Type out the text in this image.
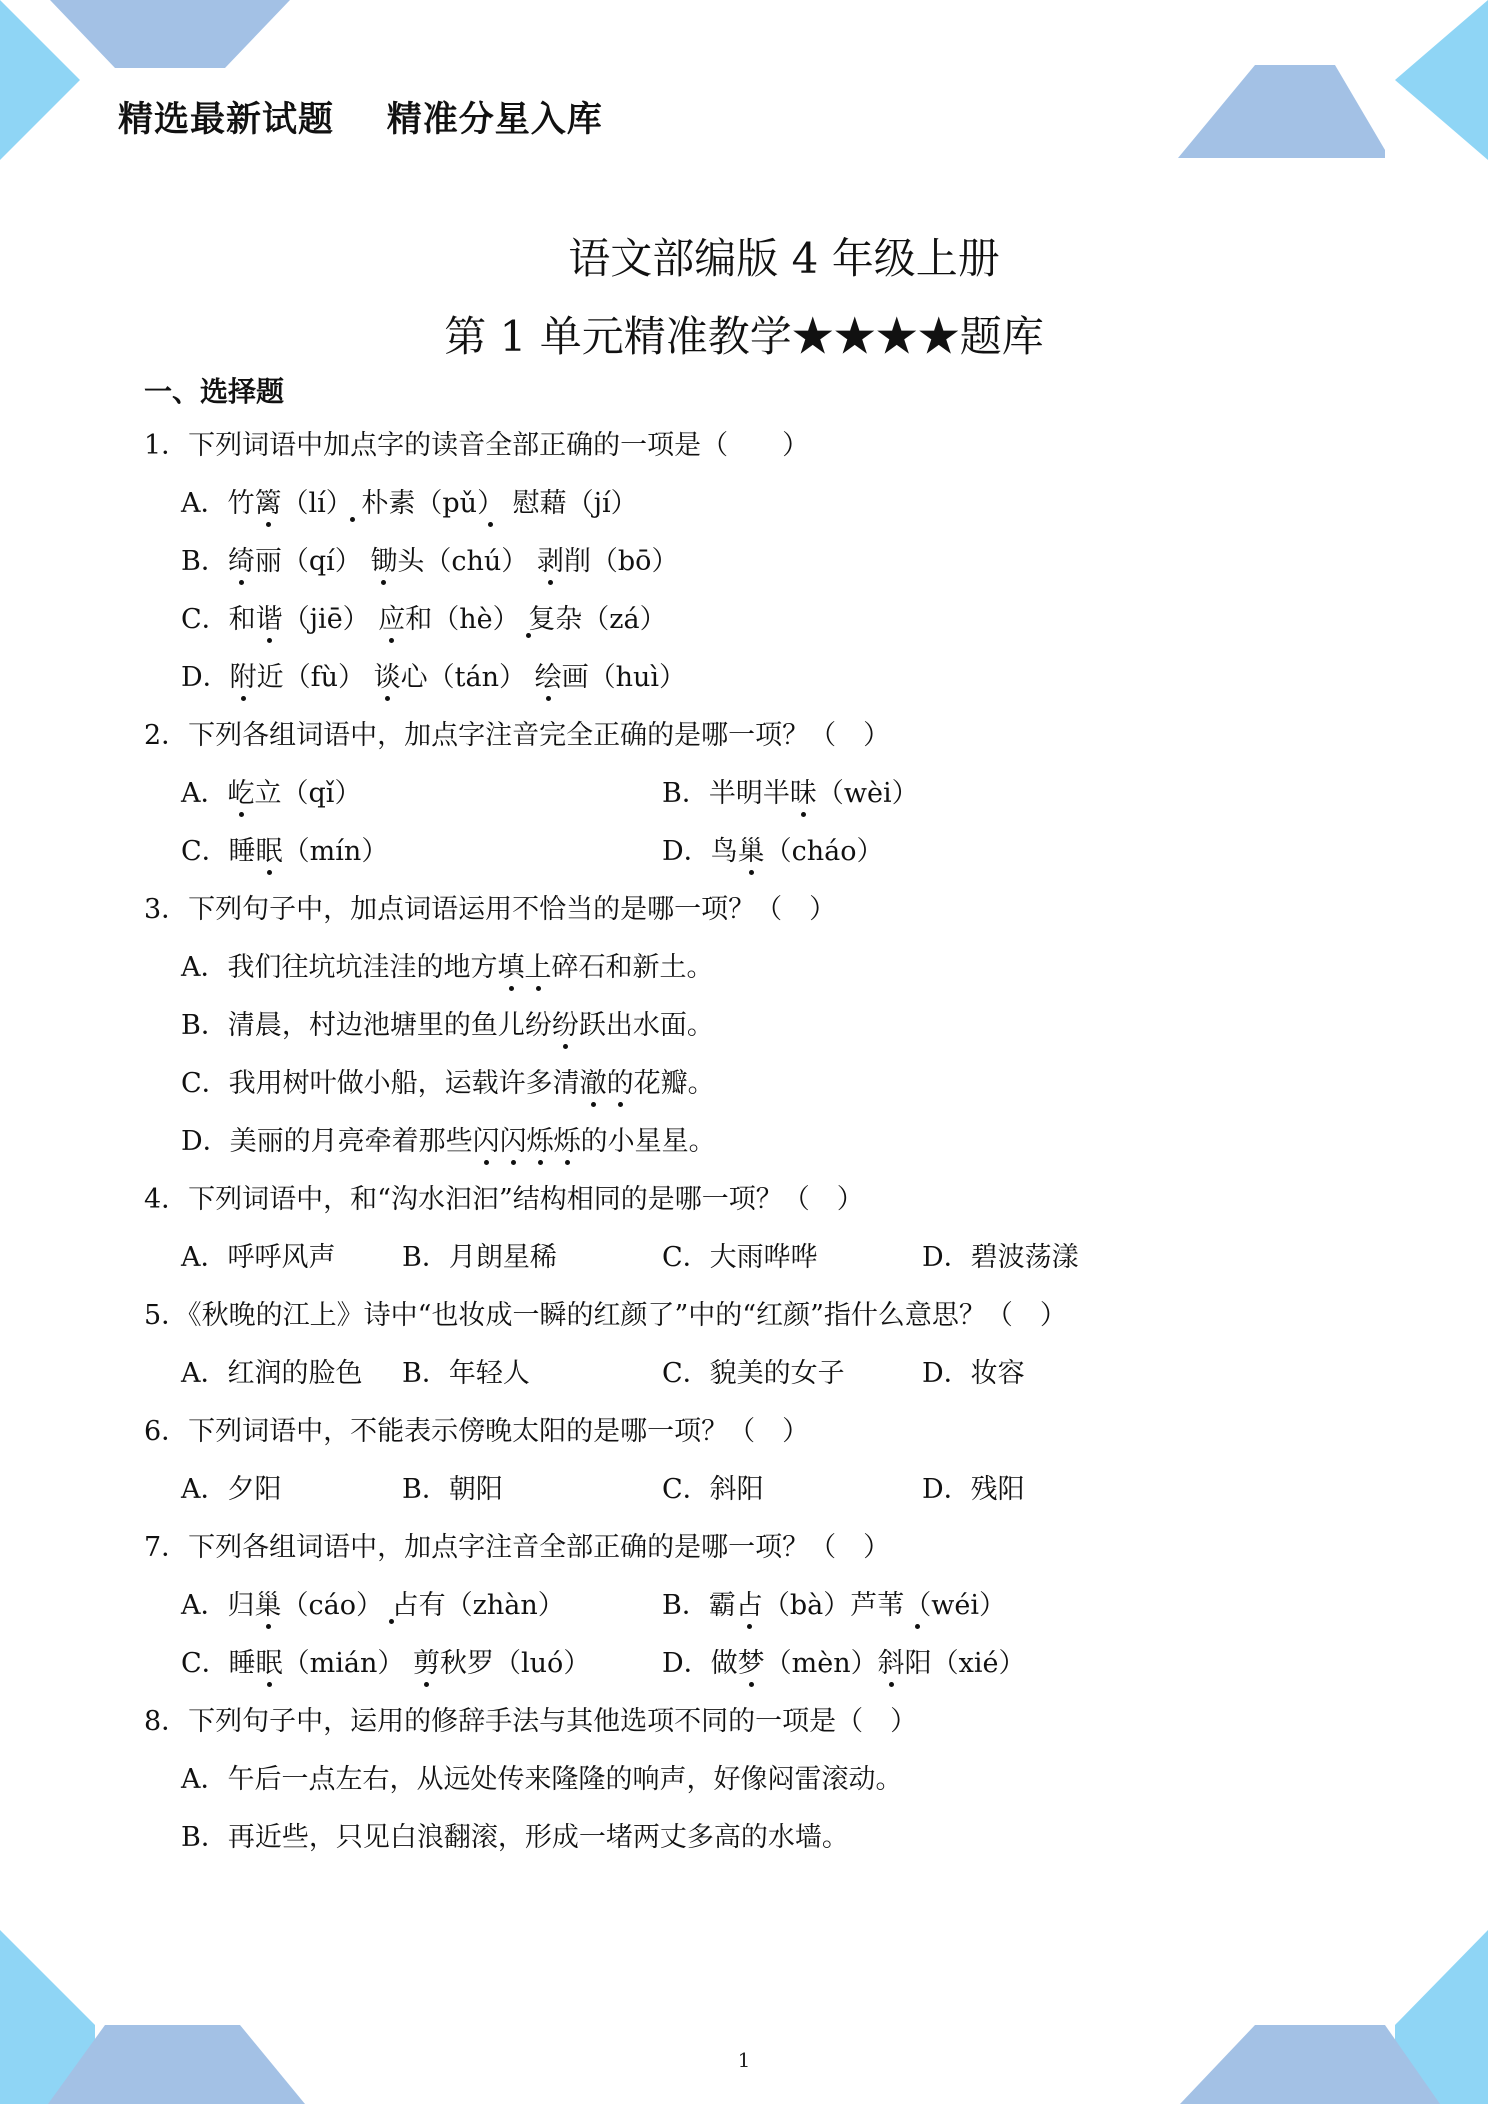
精选最新试题    精准分星入库
语文部编版 4 年级上册
第 1 单元精准教学★★★★题库
一、选择题
1．下列词语中加点字的读音全部正确的一项是（　　）
A．竹篱（lí） 朴素（pǔ） 慰藉（jí）
B．绮丽（qí） 锄头（chú） 剥削（bō）
C．和谐（jiē） 应和（hè） 复杂（zá）
D．附近（fù） 谈心（tán） 绘画（huì）
2．下列各组词语中，加点字注音完全正确的是哪一项？（　）
A．屹立（qǐ）	B．半明半昧（wèi）
C．睡眠（mín）	D．鸟巢（cháo）
3．下列句子中，加点词语运用不恰当的是哪一项？（　）
A．我们往坑坑洼洼的地方填上碎石和新土。
B．清晨，村边池塘里的鱼儿纷纷跃出水面。
C．我用树叶做小船，运载许多清澈的花瓣。
D．美丽的月亮牵着那些闪闪烁烁的小星星。
4．下列词语中，和“沟水汩汩”结构相同的是哪一项？（　）
A．呼呼风声 B．月朗星稀	C．大雨哗哗	D．碧波荡漾
5．《秋晚的江上》诗中“也妆成一瞬的红颜了”中的“红颜”指什么意思？（　）
A．红润的脸色 B．年轻人	C．貌美的女子	D．妆容
6．下列词语中，不能表示傍晚太阳的是哪一项？（　）
A．夕阳	B．朝阳	C．斜阳	D．残阳
7．下列各组词语中，加点字注音全部正确的是哪一项？（　）
A．归巢（cáo） 占有（zhàn）	B．霸占（bà）芦苇（wéi）
C．睡眠（mián） 剪秋罗（luó）	D．做梦（mèn）斜阳（xié）
8．下列句子中，运用的修辞手法与其他选项不同的一项是（　）
A．午后一点左右，从远处传来隆隆的响声，好像闷雷滚动。
B．再近些，只见白浪翻滚，形成一堵两丈多高的水墙。
1
